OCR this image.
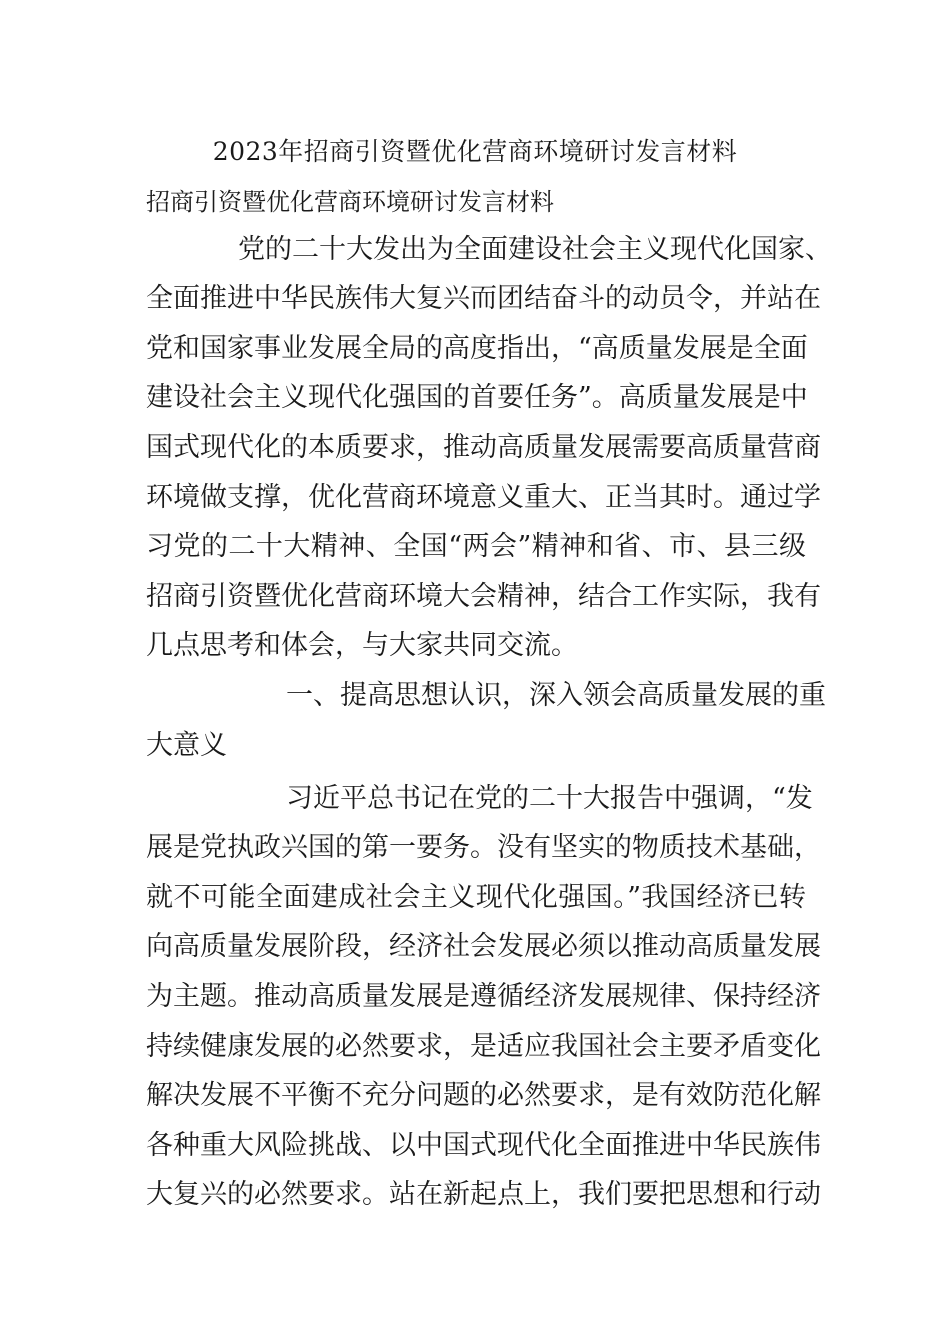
2023年招商引资暨优化营商环境研讨发言材料
招商引资暨优化营商环境研讨发言材料
党的二十大发出为全面建设社会主义现代化国家、
全面推进中华民族伟大复兴而团结奋斗的动员令，并站在
党和国家事业发展全局的高度指出，“高质量发展是全面
建设社会主义现代化强国的首要任务”。高质量发展是中
国式现代化的本质要求，推动高质量发展需要高质量营商
环境做支撑，优化营商环境意义重大、正当其时。通过学
习党的二十大精神、全国“两会”精神和省、市、县三级
招商引资暨优化营商环境大会精神，结合工作实际，我有
几点思考和体会，与大家共同交流。
一、提高思想认识，深入领会高质量发展的重
大意义
习近平总书记在党的二十大报告中强调，“发
展是党执政兴国的第一要务。没有坚实的物质技术基础，
就不可能全面建成社会主义现代化强国。”我国经济已转
向高质量发展阶段，经济社会发展必须以推动高质量发展
为主题。推动高质量发展是遵循经济发展规律、保持经济
持续健康发展的必然要求，是适应我国社会主要矛盾变化
解决发展不平衡不充分问题的必然要求，是有效防范化解
各种重大风险挑战、以中国式现代化全面推进中华民族伟
大复兴的必然要求。站在新起点上，我们要把思想和行动
